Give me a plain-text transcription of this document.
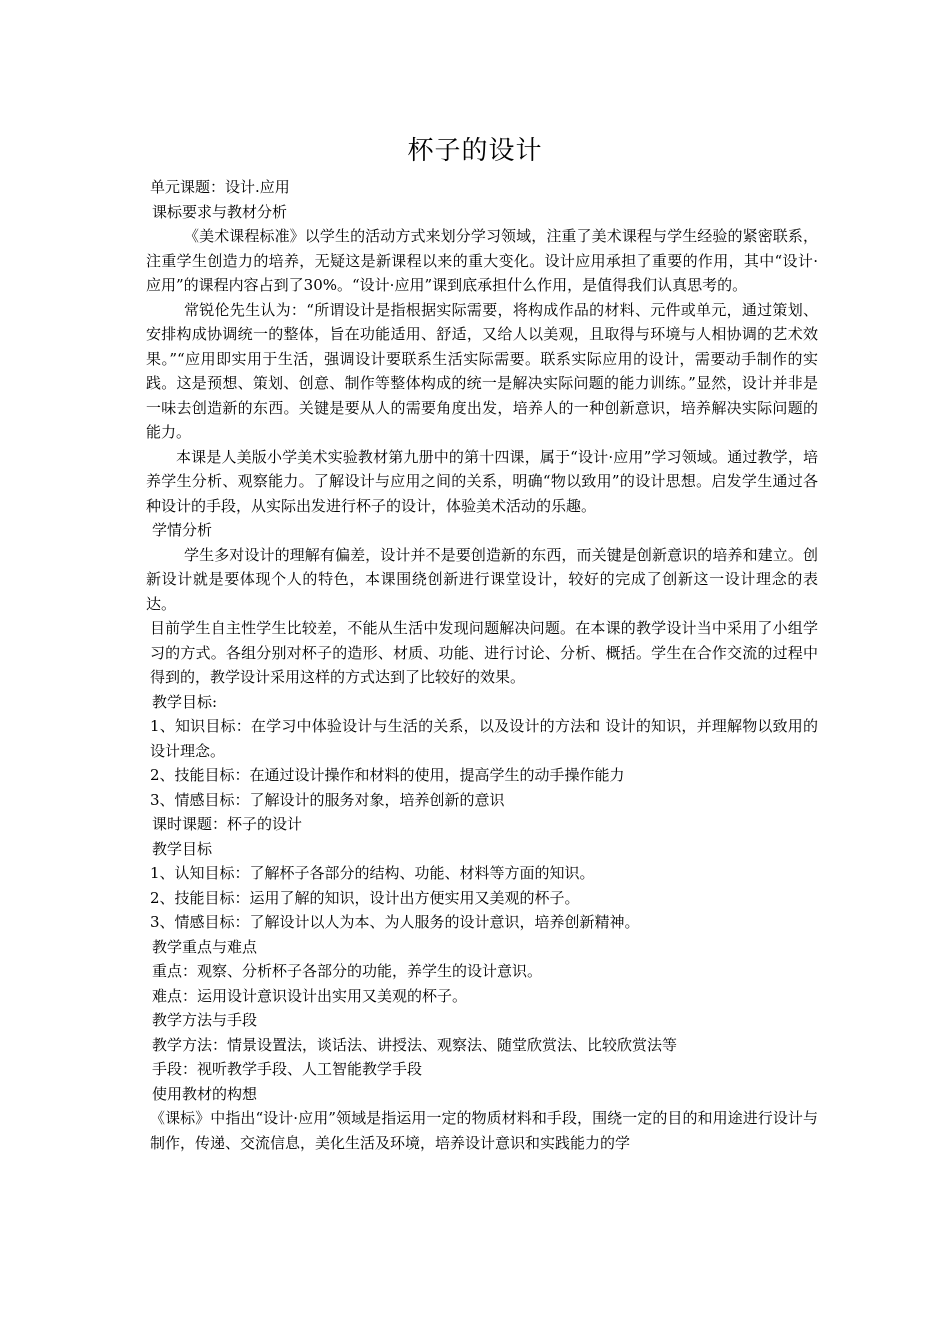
杯子的设计

单元课题：设计.应用

课标要求与教材分析

《美术课程标准》以学生的活动方式来划分学习领域，注重了美术课程与学生经验的紧密联系，注重学生创造力的培养，无疑这是新课程以来的重大变化。设计应用承担了重要的作用，其中“设计·应用”的课程内容占到了30%。“设计·应用”课到底承担什么作用，是值得我们认真思考的。

常锐伦先生认为：“所谓设计是指根据实际需要，将构成作品的材料、元件或单元，通过策划、安排构成协调统一的整体，旨在功能适用、舒适，又给人以美观，且取得与环境与人相协调的艺术效果。”“应用即实用于生活，强调设计要联系生活实际需要。联系实际应用的设计，需要动手制作的实践。这是预想、策划、创意、制作等整体构成的统一是解决实际问题的能力训练。”显然，设计并非是一味去创造新的东西。关键是要从人的需要角度出发，培养人的一种创新意识，培养解决实际问题的能力。

本课是人美版小学美术实验教材第九册中的第十四课，属于“设计·应用”学习领域。通过教学，培养学生分析、观察能力。了解设计与应用之间的关系，明确“物以致用”的设计思想。启发学生通过各种设计的手段，从实际出发进行杯子的设计，体验美术活动的乐趣。

学情分析

学生多对设计的理解有偏差，设计并不是要创造新的东西，而关键是创新意识的培养和建立。创新设计就是要体现个人的特色，本课围绕创新进行课堂设计，较好的完成了创新这一设计理念的表达。

目前学生自主性学生比较差，不能从生活中发现问题解决问题。在本课的教学设计当中采用了小组学习的方式。各组分别对杯子的造形、材质、功能、进行讨论、分析、概括。学生在合作交流的过程中得到的，教学设计采用这样的方式达到了比较好的效果。

教学目标:

1、知识目标：在学习中体验设计与生活的关系，以及设计的方法和 设计的知识，并理解物以致用的设计理念。

2、技能目标：在通过设计操作和材料的使用，提高学生的动手操作能力

3、情感目标：了解设计的服务对象，培养创新的意识

课时课题：杯子的设计

教学目标

1、认知目标：了解杯子各部分的结构、功能、材料等方面的知识。

2、技能目标：运用了解的知识，设计出方便实用又美观的杯子。

3、情感目标：了解设计以人为本、为人服务的设计意识，培养创新精神。

教学重点与难点

重点：观察、分析杯子各部分的功能，养学生的设计意识。

难点：运用设计意识设计出实用又美观的杯子。

教学方法与手段

教学方法：情景设置法，谈话法、讲授法、观察法、随堂欣赏法、比较欣赏法等

手段：视听教学手段、人工智能教学手段

使用教材的构想

《课标》中指出“设计·应用”领域是指运用一定的物质材料和手段，围绕一定的目的和用途进行设计与制作，传递、交流信息，美化生活及环境，培养设计意识和实践能力的学
